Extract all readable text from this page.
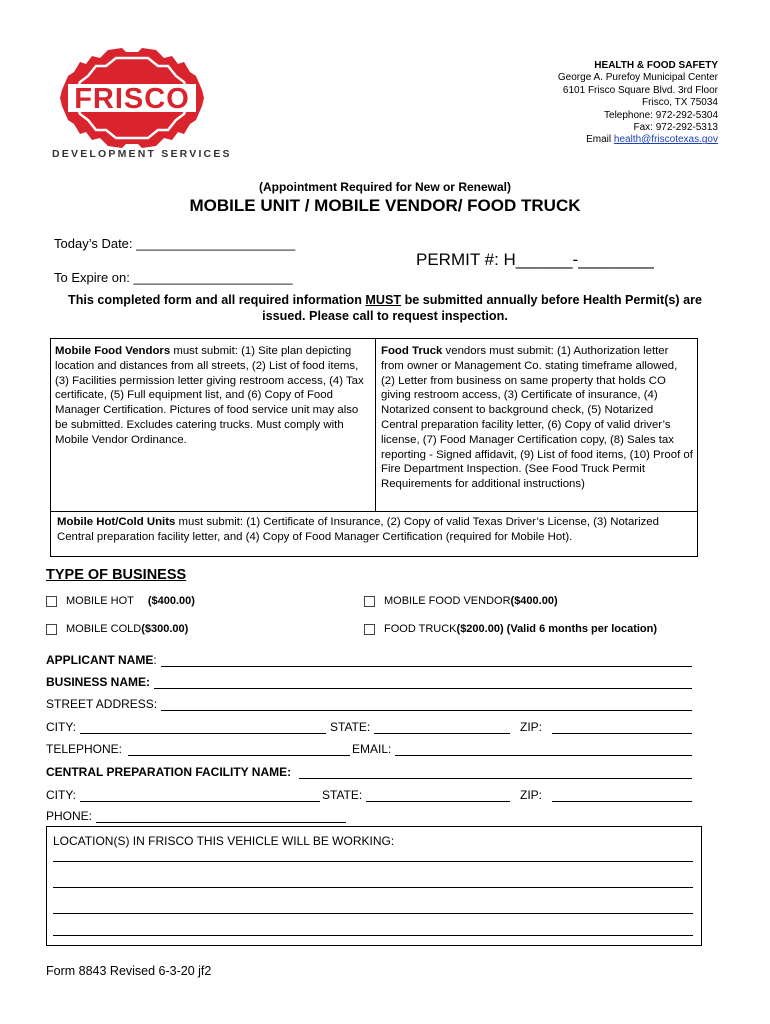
FRISCO
DEVELOPMENT SERVICES
HEALTH & FOOD SAFETY
George A. Purefoy Municipal Center
6101 Frisco Square Blvd. 3rd Floor
Frisco, TX 75034
Telephone: 972-292-5304
Fax: 972-292-5313
Email health@friscotexas.gov
(Appointment Required for New or Renewal)
MOBILE UNIT / MOBILE VENDOR/ FOOD TRUCK
Today’s Date: ______________________
PERMIT #: H______-________
To Expire on: ______________________
This completed form and all required information MUST be submitted annually before Health Permit(s) are issued. Please call to request inspection.
Mobile Food Vendors must submit: (1) Site plan depicting location and distances from all streets, (2) List of food items, (3) Facilities permission letter giving restroom access, (4) Tax certificate, (5) Full equipment list, and (6) Copy of Food Manager Certification. Pictures of food service unit may also be submitted. Excludes catering trucks. Must comply with Mobile Vendor Ordinance.
Food Truck vendors must submit: (1) Authorization letter from owner or Management Co. stating timeframe allowed, (2) Letter from business on same property that holds CO giving restroom access, (3) Certificate of insurance, (4) Notarized consent to background check, (5) Notarized Central preparation facility letter, (6) Copy of valid driver’s license, (7) Food Manager Certification copy, (8) Sales tax reporting - Signed affidavit, (9) List of food items, (10) Proof of Fire Department Inspection. (See Food Truck Permit Requirements for additional instructions)
Mobile Hot/Cold Units must submit: (1) Certificate of Insurance, (2) Copy of valid Texas Driver’s License, (3) Notarized Central preparation facility letter, and (4) Copy of Food Manager Certification (required for Mobile Hot).
TYPE OF BUSINESS
MOBILE HOT ($400.00)	MOBILE FOOD VENDOR ($400.00)
MOBILE COLD ($300.00)	FOOD TRUCK ($200.00) (Valid 6 months per location)
APPLICANT NAME :
BUSINESS NAME:
STREET ADDRESS:
CITY:	STATE:	ZIP:
TELEPHONE:	EMAIL:
CENTRAL PREPARATION FACILITY NAME:
CITY:	STATE:	ZIP:
PHONE:
LOCATION(S) IN FRISCO THIS VEHICLE WILL BE WORKING:
Form 8843 Revised 6-3-20 jf2
